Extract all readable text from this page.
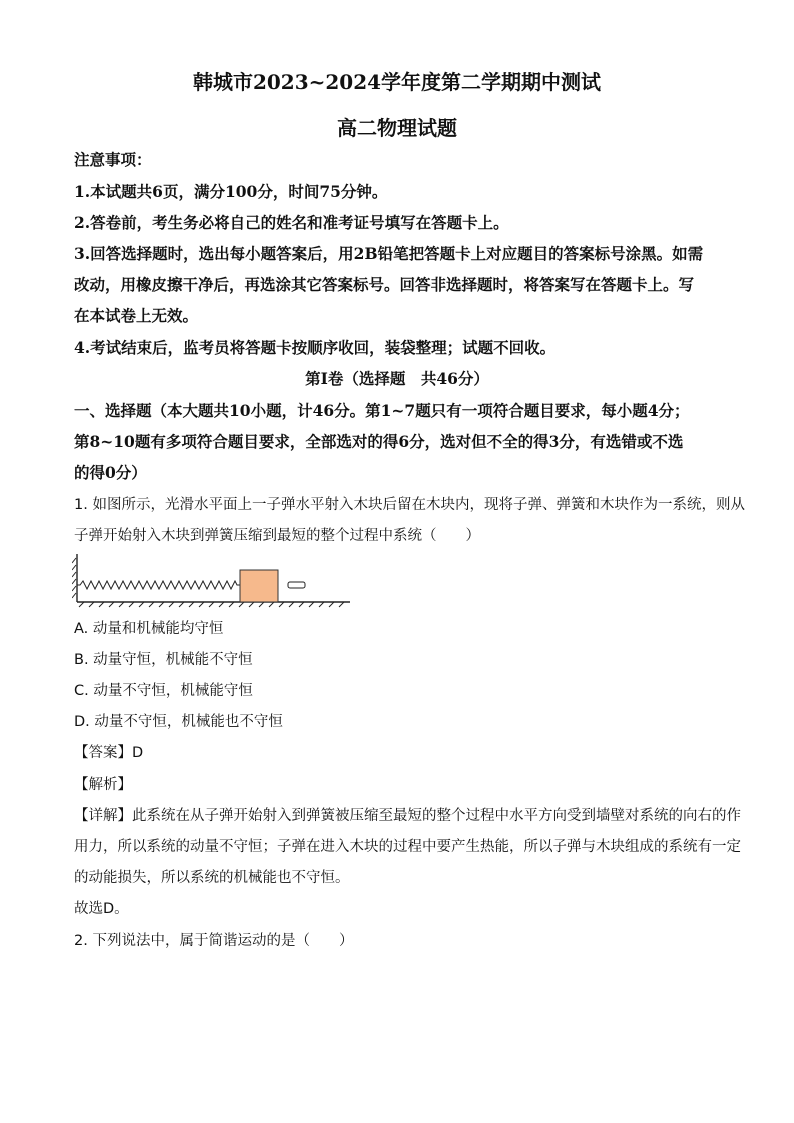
韩城市2023~2024学年度第二学期期中测试
高二物理试题
注意事项：
1.本试题共6页，满分100分，时间75分钟。
2.答卷前，考生务必将自己的姓名和准考证号填写在答题卡上。
3.回答选择题时，选出每小题答案后，用2B铅笔把答题卡上对应题目的答案标号涂黑。如需
改动，用橡皮擦干净后，再选涂其它答案标号。回答非选择题时，将答案写在答题卡上。写
在本试卷上无效。
4.考试结束后，监考员将答题卡按顺序收回，装袋整理；试题不回收。
第Ⅰ卷（选择题　共46分）
一、选择题（本大题共10小题，计46分。第1~7题只有一项符合题目要求，每小题4分；
第8~10题有多项符合题目要求，全部选对的得6分，选对但不全的得3分，有选错或不选
的得0分）
1. 如图所示，光滑水平面上一子弹水平射入木块后留在木块内，现将子弹、弹簧和木块作为一系统，则从
子弹开始射入木块到弹簧压缩到最短的整个过程中系统（　　）
A. 动量和机械能均守恒
B. 动量守恒，机械能不守恒
C. 动量不守恒，机械能守恒
D. 动量不守恒，机械能也不守恒
【答案】D
【解析】
【详解】此系统在从子弹开始射入到弹簧被压缩至最短的整个过程中水平方向受到墙壁对系统的向右的作
用力，所以系统的动量不守恒；子弹在进入木块的过程中要产生热能，所以子弹与木块组成的系统有一定
的动能损失，所以系统的机械能也不守恒。
故选D。
2. 下列说法中，属于简谐运动的是（　　）
